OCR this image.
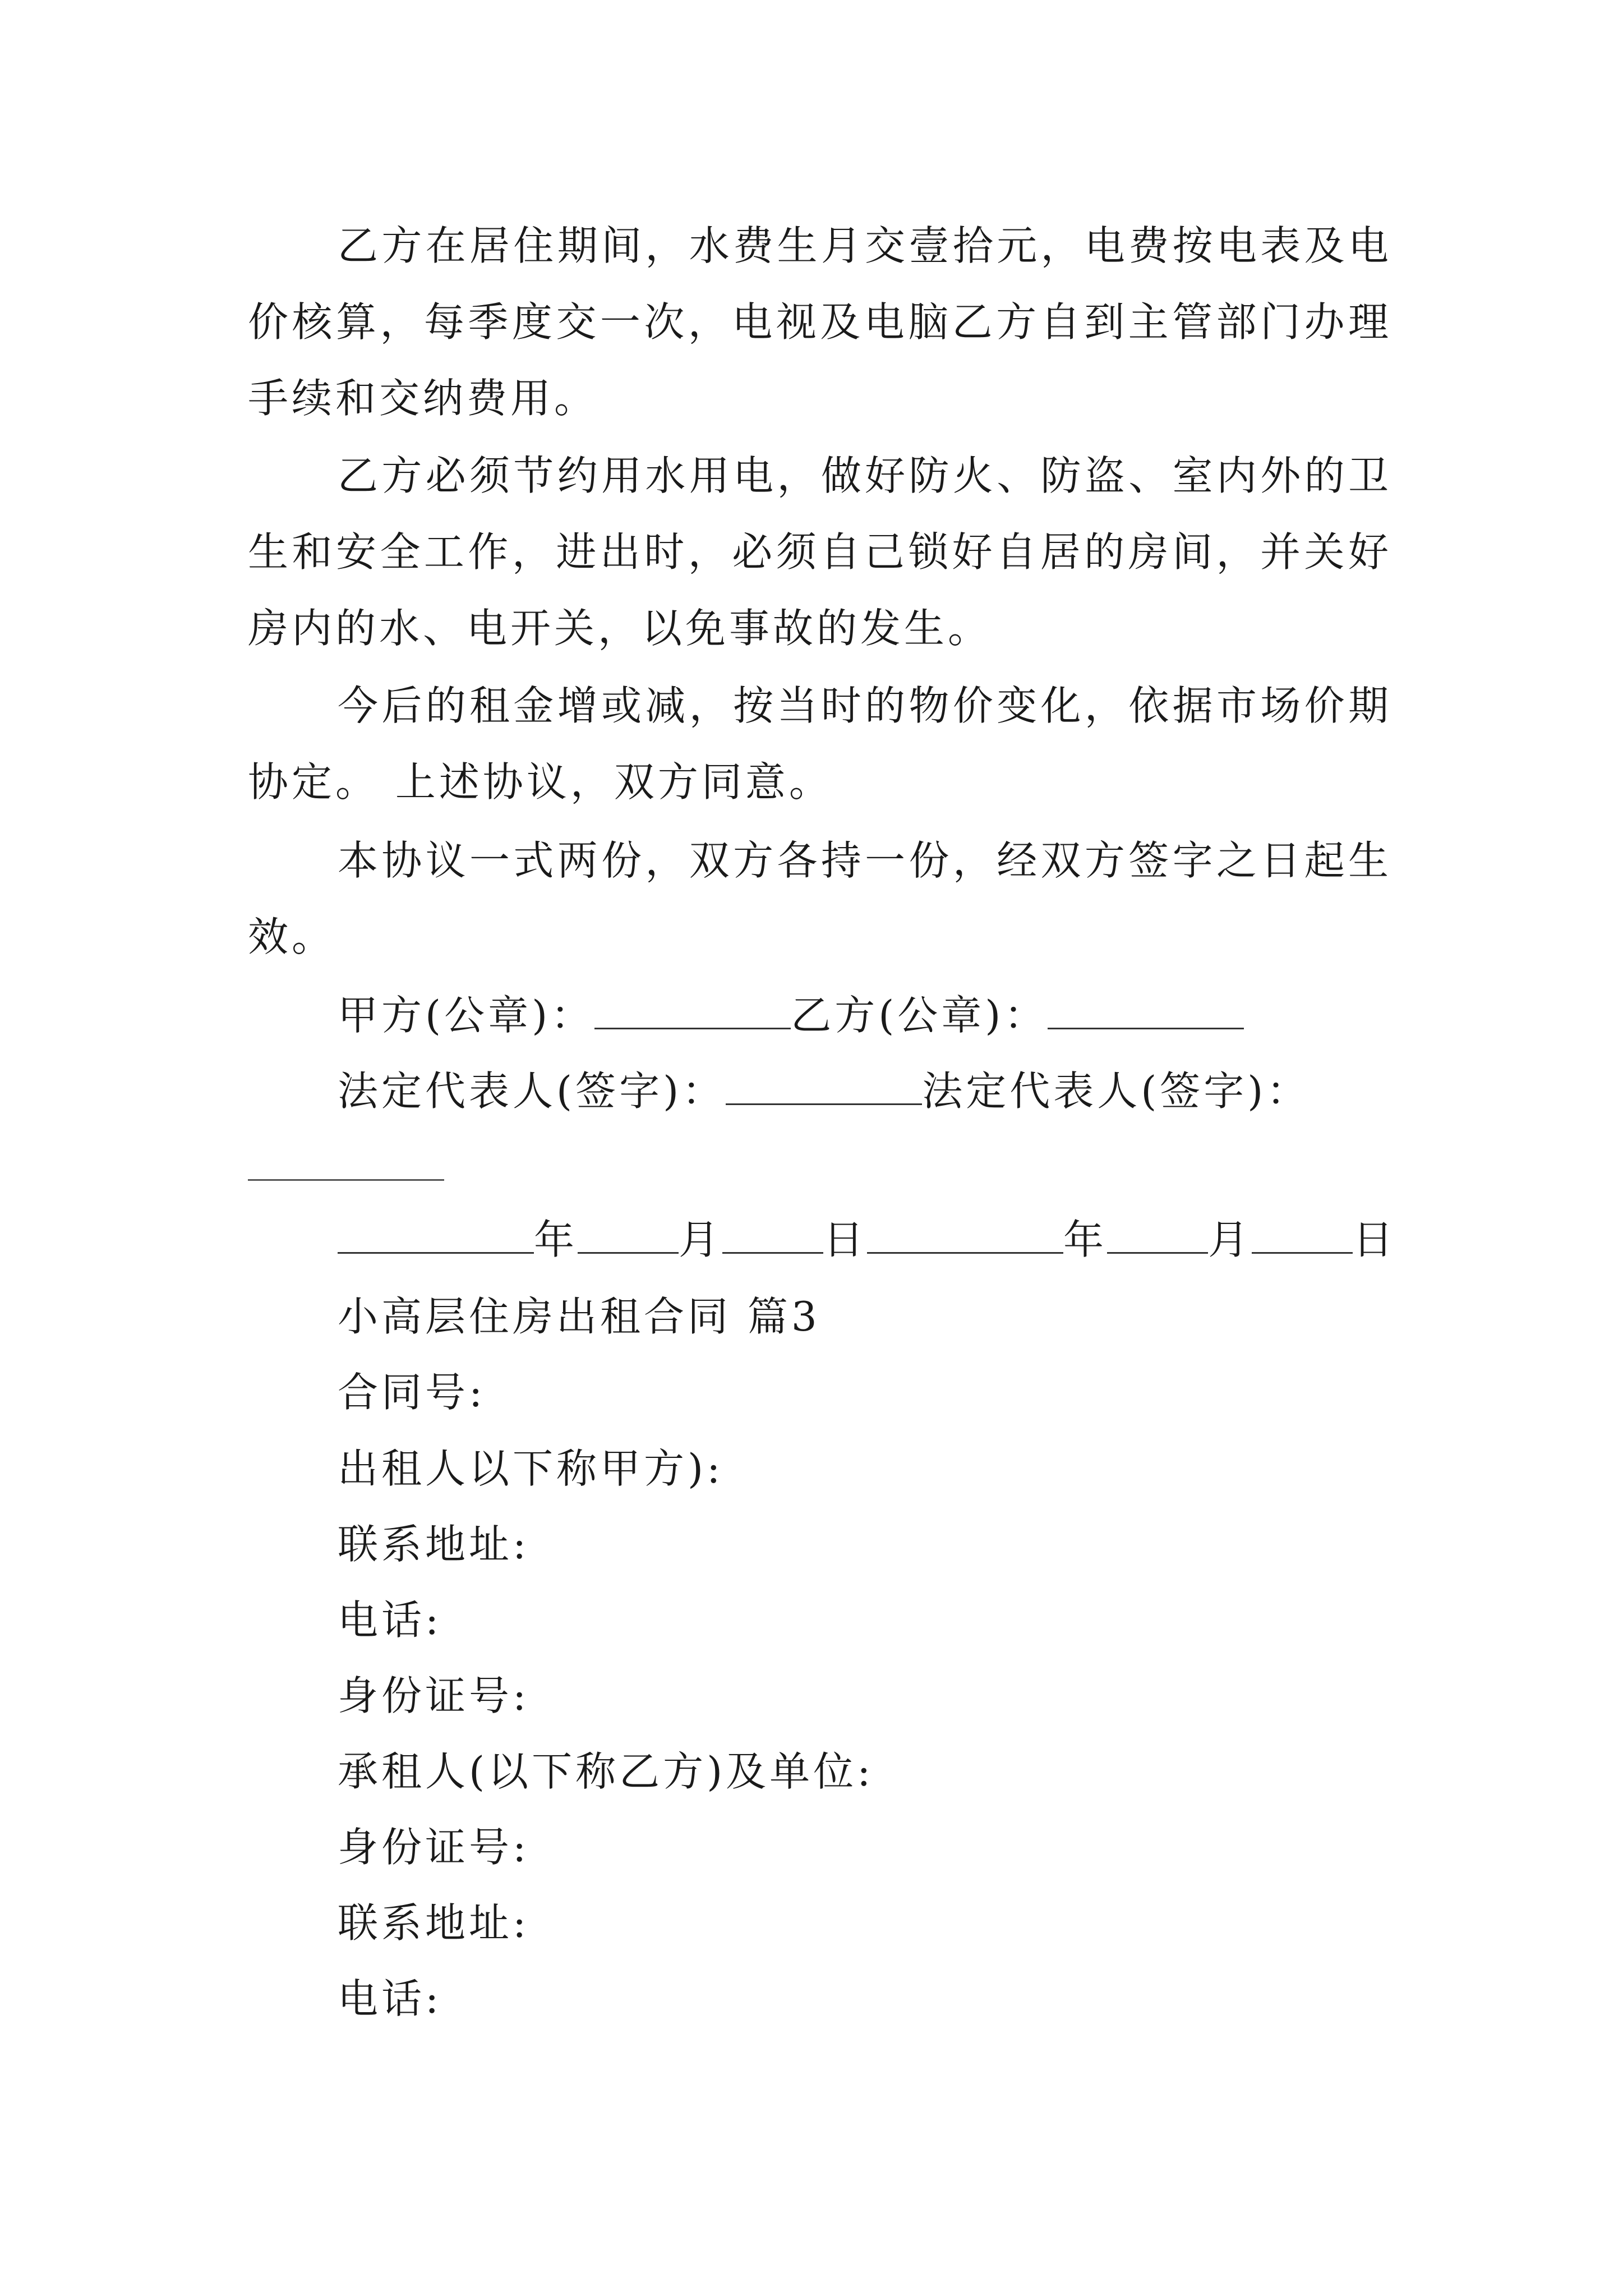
乙方在居住期间，水费生月交壹拾元，电费按电表及电价核算，每季度交一次，电视及电脑乙方自到主管部门办理手续和交纳费用。

乙方必须节约用水用电，做好防火、防盗、室内外的卫生和安全工作，进出时，必须自己锁好自居的房间，并关好房内的水、电开关，以免事故的发生。

今后的租金增或减，按当时的物价变化，依据市场价期协定。 上述协议，双方同意。

本协议一式两份，双方各持一份，经双方签字之日起生效。

甲方(公章)：	乙方(公章)：
法定代表人(签字)：	法定代表人(签字)：
年	月	日	年	月	日
小高层住房出租合同 篇3
合同号:
出租人以下称甲方):
联系地址:
电话:
身份证号:
承租人(以下称乙方)及单位:
身份证号:
联系地址:
电话:
